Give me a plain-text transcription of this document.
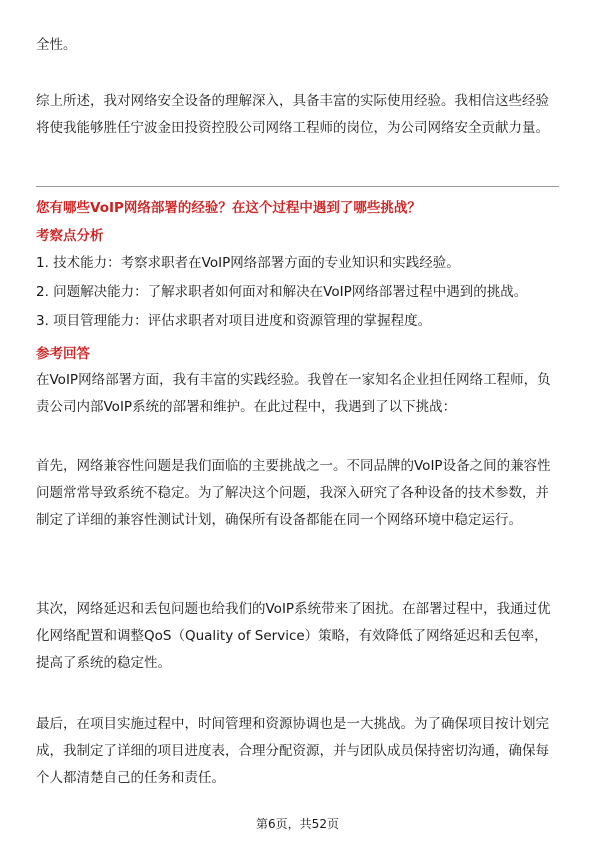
全性。

综上所述，我对网络安全设备的理解深入，具备丰富的实际使用经验。我相信这些经验将使我能够胜任宁波金田投资控股公司网络工程师的岗位，为公司网络安全贡献力量。

您有哪些VoIP网络部署的经验？在这个过程中遇到了哪些挑战？

考察点分析

1. 技术能力：考察求职者在VoIP网络部署方面的专业知识和实践经验。

2. 问题解决能力：了解求职者如何面对和解决在VoIP网络部署过程中遇到的挑战。

3. 项目管理能力：评估求职者对项目进度和资源管理的掌握程度。

参考回答

在VoIP网络部署方面，我有丰富的实践经验。我曾在一家知名企业担任网络工程师，负责公司内部VoIP系统的部署和维护。在此过程中，我遇到了以下挑战：

首先，网络兼容性问题是我们面临的主要挑战之一。不同品牌的VoIP设备之间的兼容性问题常常导致系统不稳定。为了解决这个问题，我深入研究了各种设备的技术参数，并制定了详细的兼容性测试计划，确保所有设备都能在同一个网络环境中稳定运行。

其次，网络延迟和丢包问题也给我们的VoIP系统带来了困扰。在部署过程中，我通过优化网络配置和调整QoS（Quality of Service）策略，有效降低了网络延迟和丢包率，提高了系统的稳定性。

最后，在项目实施过程中，时间管理和资源协调也是一大挑战。为了确保项目按计划完成，我制定了详细的项目进度表，合理分配资源，并与团队成员保持密切沟通，确保每个人都清楚自己的任务和责任。

第6页，共52页
